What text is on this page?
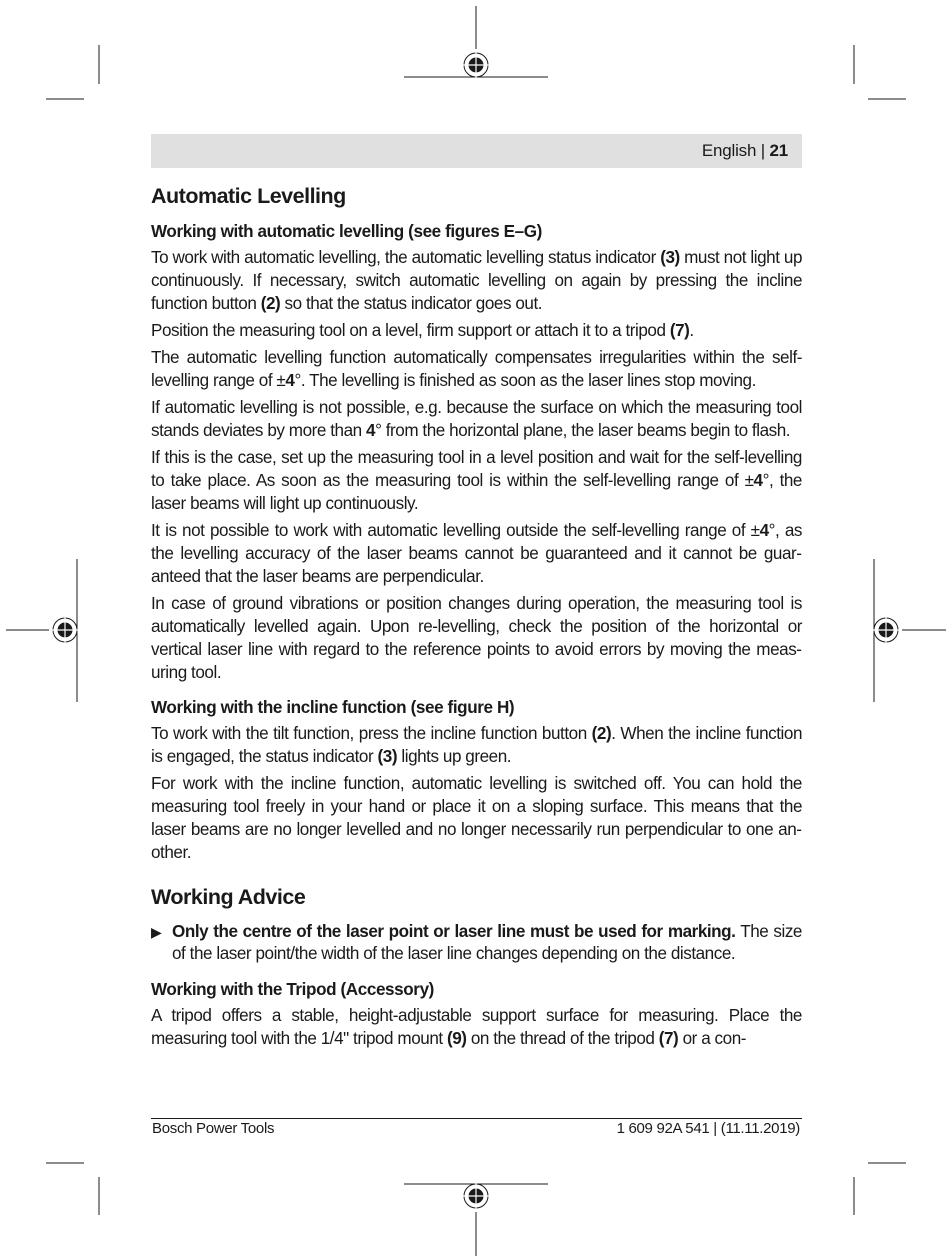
English | 21
Automatic Levelling
Working with automatic levelling (see figures E–G)

To work with automatic levelling, the automatic levelling status indicator (3) must not light up continuously. If necessary, switch automatic levelling on again by pressing the incline function button (2) so that the status indicator goes out.

Position the measuring tool on a level, firm support or attach it to a tripod (7).

The automatic levelling function automatically compensates irregularities within the self-levelling range of ±4°. The levelling is finished as soon as the laser lines stop moving.

If automatic levelling is not possible, e.g. because the surface on which the measuring tool stands deviates by more than 4° from the horizontal plane, the laser beams begin to flash.

If this is the case, set up the measuring tool in a level position and wait for the self-levelling to take place. As soon as the measuring tool is within the self-levelling range of ±4°, the laser beams will light up continuously.

It is not possible to work with automatic levelling outside the self-levelling range of ±4°, as the levelling accuracy of the laser beams cannot be guaranteed and it cannot be guaranteed that the laser beams are perpendicular.

In case of ground vibrations or position changes during operation, the measuring tool is automatically levelled again. Upon re-levelling, check the position of the horizontal or vertical laser line with regard to the reference points to avoid errors by moving the measuring tool.

Working with the incline function (see figure H)

To work with the tilt function, press the incline function button (2). When the incline function is engaged, the status indicator (3) lights up green.

For work with the incline function, automatic levelling is switched off. You can hold the measuring tool freely in your hand or place it on a sloping surface. This means that the laser beams are no longer levelled and no longer necessarily run perpendicular to one another.

Working Advice
▶ Only the centre of the laser point or laser line must be used for marking. The size of the laser point/the width of the laser line changes depending on the distance.

Working with the Tripod (Accessory)

A tripod offers a stable, height-adjustable support surface for measuring. Place the measuring tool with the 1/4" tripod mount (9) on the thread of the tripod (7) or a con-

Bosch Power Tools	1 609 92A 541 | (11.11.2019)
